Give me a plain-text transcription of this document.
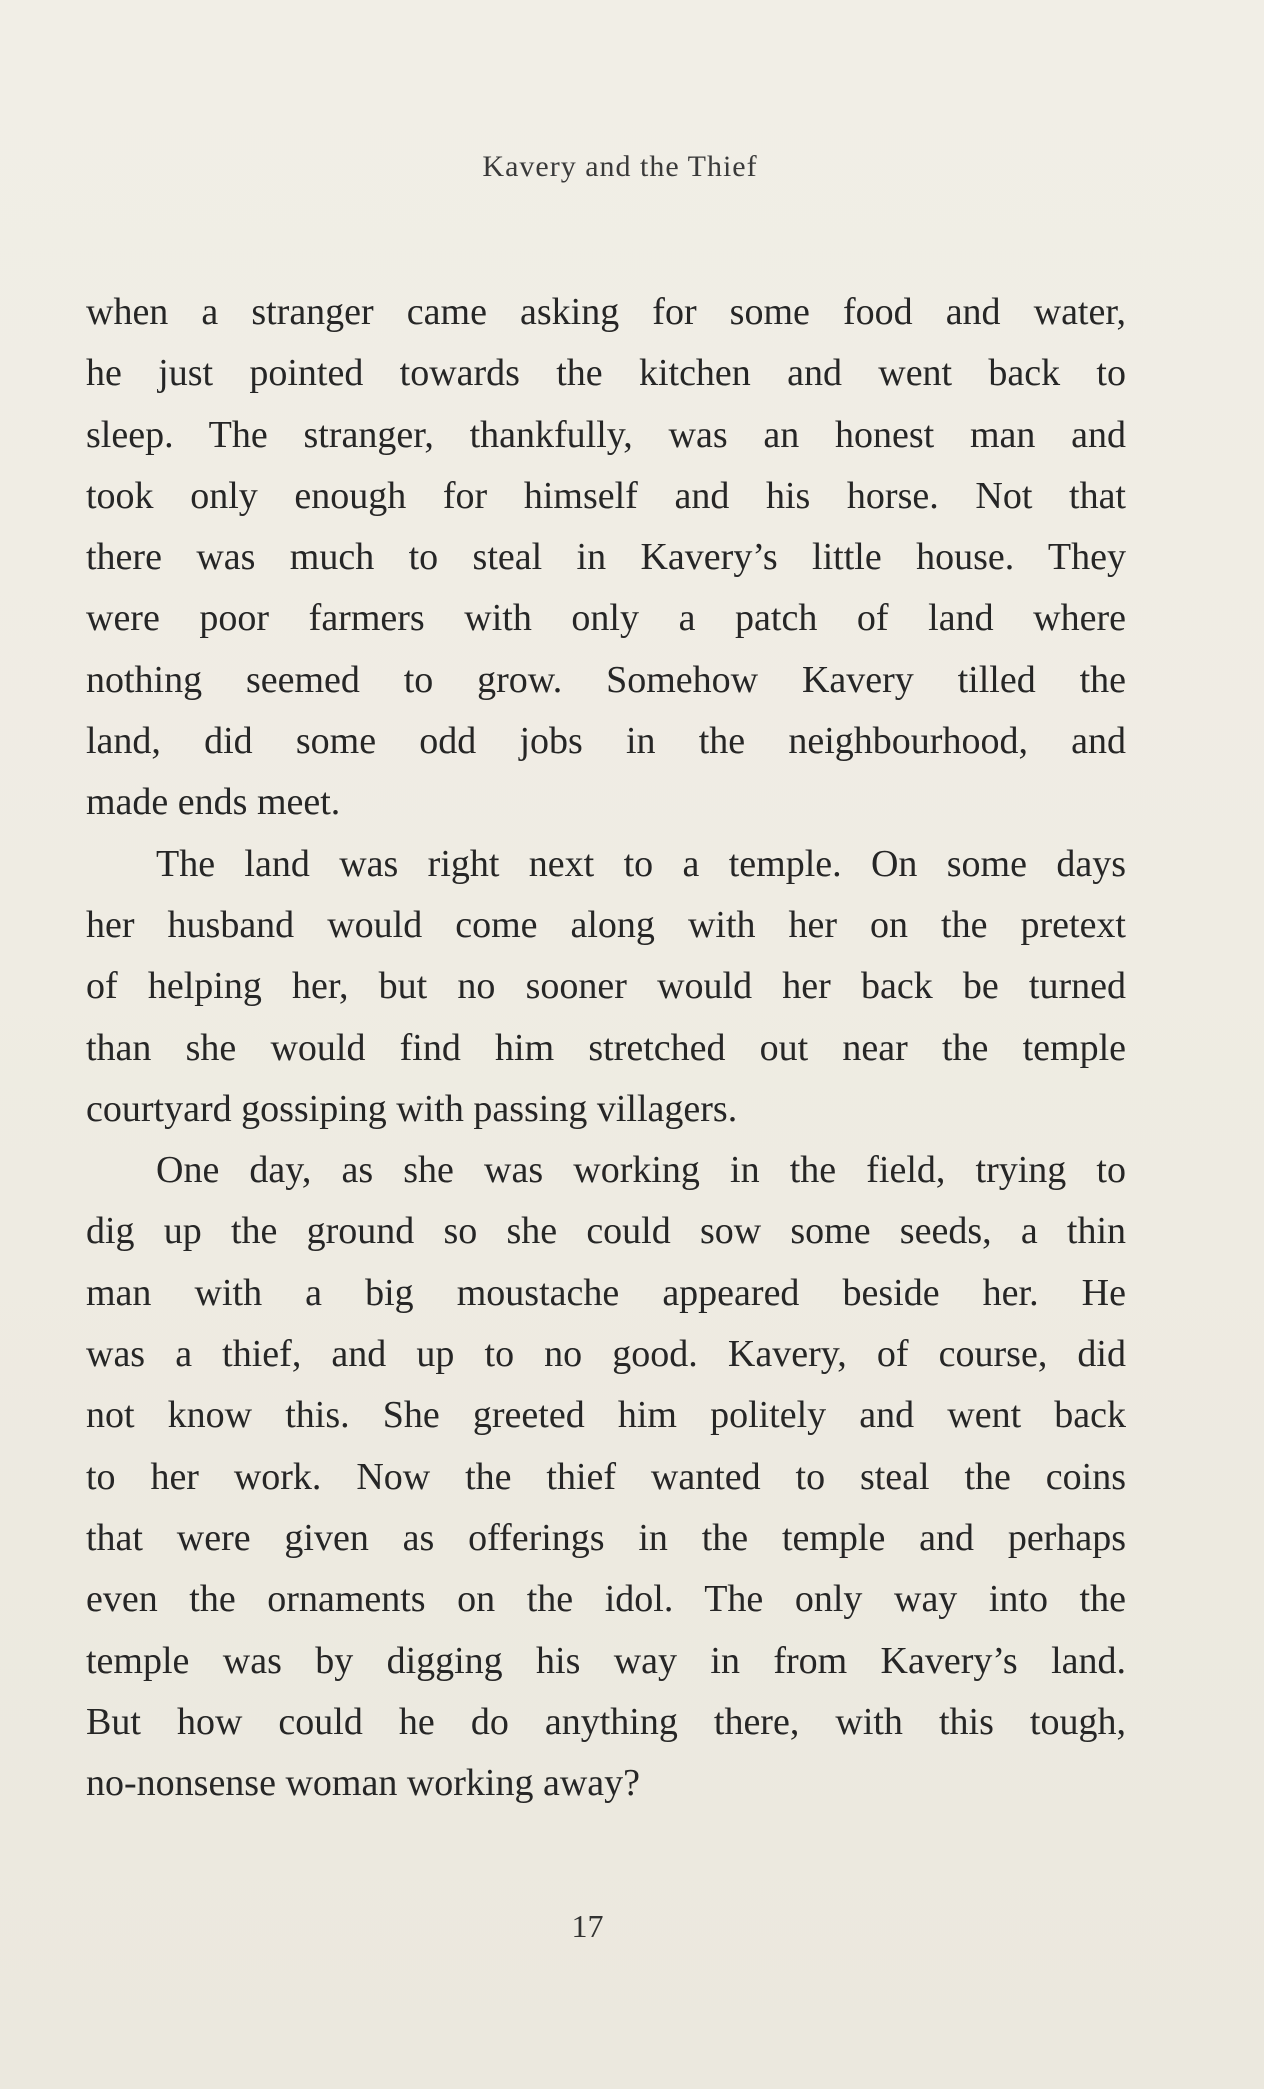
Kavery and the Thief
when a stranger came asking for some food and water,
he just pointed towards the kitchen and went back to
sleep. The stranger, thankfully, was an honest man and
took only enough for himself and his horse. Not that
there was much to steal in Kavery’s little house. They
were poor farmers with only a patch of land where
nothing seemed to grow. Somehow Kavery tilled the
land, did some odd jobs in the neighbourhood, and
made ends meet.
The land was right next to a temple. On some days
her husband would come along with her on the pretext
of helping her, but no sooner would her back be turned
than she would find him stretched out near the temple
courtyard gossiping with passing villagers.
One day, as she was working in the field, trying to
dig up the ground so she could sow some seeds, a thin
man with a big moustache appeared beside her. He
was a thief, and up to no good. Kavery, of course, did
not know this. She greeted him politely and went back
to her work. Now the thief wanted to steal the coins
that were given as offerings in the temple and perhaps
even the ornaments on the idol. The only way into the
temple was by digging his way in from Kavery’s land.
But how could he do anything there, with this tough,
no-nonsense woman working away?
17
